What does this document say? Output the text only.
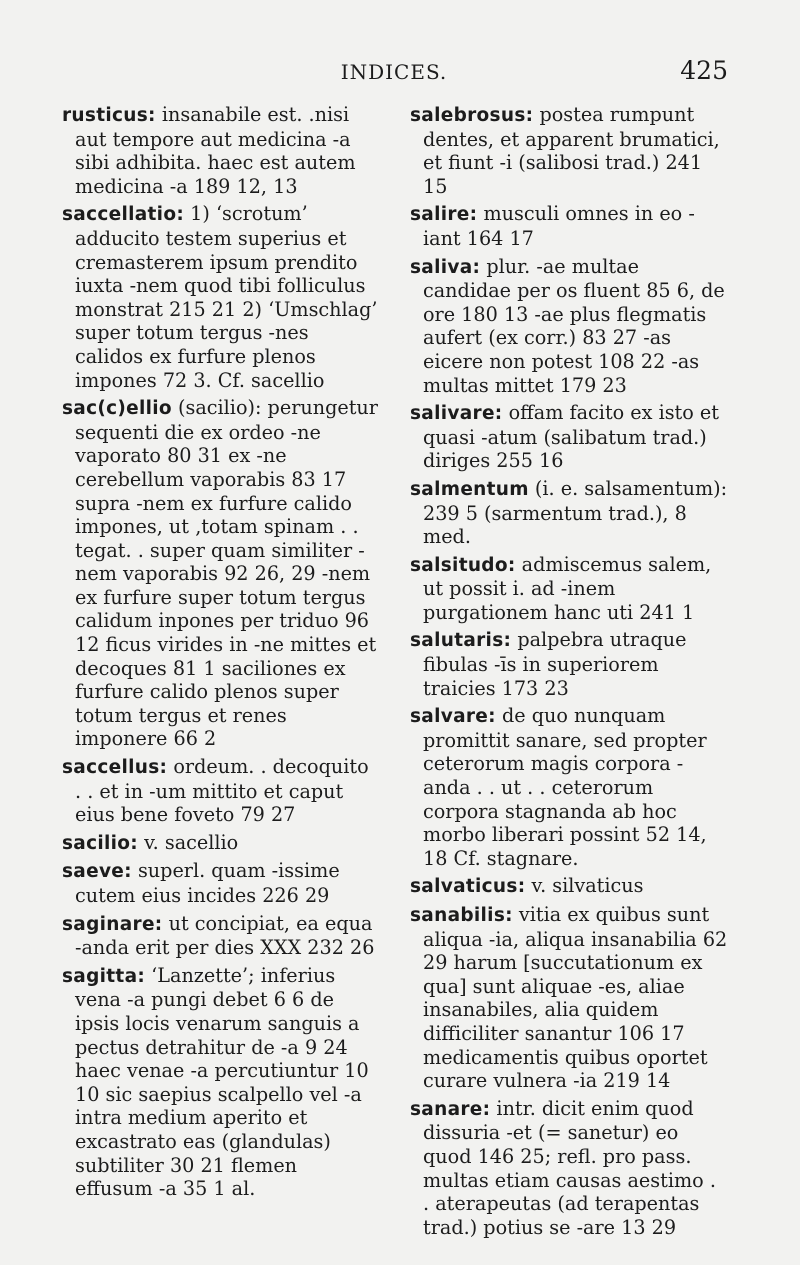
INDICES.	425

rusticus: insanabile est. .nisi aut tempore aut medicina -a sibi adhibita. haec est autem medicina -a 189 12, 13

saccellatio: 1) ‘scrotum’ adducito testem superius et cremasterem ipsum prendito iuxta -nem quod tibi folliculus monstrat 215 21 2) ‘Umschlag’ super totum tergus -nes calidos ex furfure plenos impones 72 3. Cf. sacellio

sac(c)ellio (sacilio): perungetur sequenti die ex ordeo -ne vaporato 80 31 ex -ne cerebellum vaporabis 83 17 supra -nem ex furfure calido impones, ut ‚totam spinam . . tegat. . super quam similiter -nem vaporabis 92 26, 29 -nem ex furfure super totum tergus calidum inpones per triduo 96 12 ficus virides in -ne mittes et decoques 81 1 saciliones ex furfure calido plenos super totum tergus et renes imponere 66 2

saccellus: ordeum. . decoquito . . et in -um mittito et caput eius bene foveto 79 27

sacilio: v. sacellio

saeve: superl. quam -issime cutem eius incides 226 29

saginare: ut concipiat, ea equa -anda erit per dies XXX 232 26

sagitta: ‘Lanzette’; inferius vena -a pungi debet 6 6 de ipsis locis venarum sanguis a pectus detrahitur de -a 9 24 haec venae -a percutiuntur 10 10 sic saepius scalpello vel -a intra medium aperito et excastrato eas (glandulas) subtiliter 30 21 flemen effusum -a 35 1 al.

salebrosus: postea rumpunt dentes, et apparent brumatici, et fiunt -i (salibosi trad.) 241 15

salire: musculi omnes in eo -iant 164 17

saliva: plur. -ae multae candidae per os fluent 85 6, de ore 180 13 -ae plus flegmatis aufert (ex corr.) 83 27 -as eicere non potest 108 22 -as multas mittet 179 23

salivare: offam facito ex isto et quasi -atum (salibatum trad.) diriges 255 16

salmentum (i. e. salsamentum): 239 5 (sarmentum trad.), 8 med.

salsitudo: admiscemus salem, ut possit i. ad -inem purgationem hanc uti 241 1

salutaris: palpebra utraque fibulas -īs in superiorem traicies 173 23

salvare: de quo nunquam promittit sanare, sed propter ceterorum magis corpora -anda . . ut . . ceterorum corpora stagnanda ab hoc morbo liberari possint 52 14, 18 Cf. stagnare.

salvaticus: v. silvaticus

sanabilis: vitia ex quibus sunt aliqua -ia, aliqua insanabilia 62 29 harum [succutationum ex qua] sunt aliquae -es, aliae insanabiles, alia quidem difficiliter sanantur 106 17 medicamentis quibus oportet curare vulnera -ia 219 14

sanare: intr. dicit enim quod dissuria -et (= sanetur) eo quod 146 25; refl. pro pass. multas etiam causas aestimo . . aterapeutas (ad terapentas trad.) potius se -are 13 29
